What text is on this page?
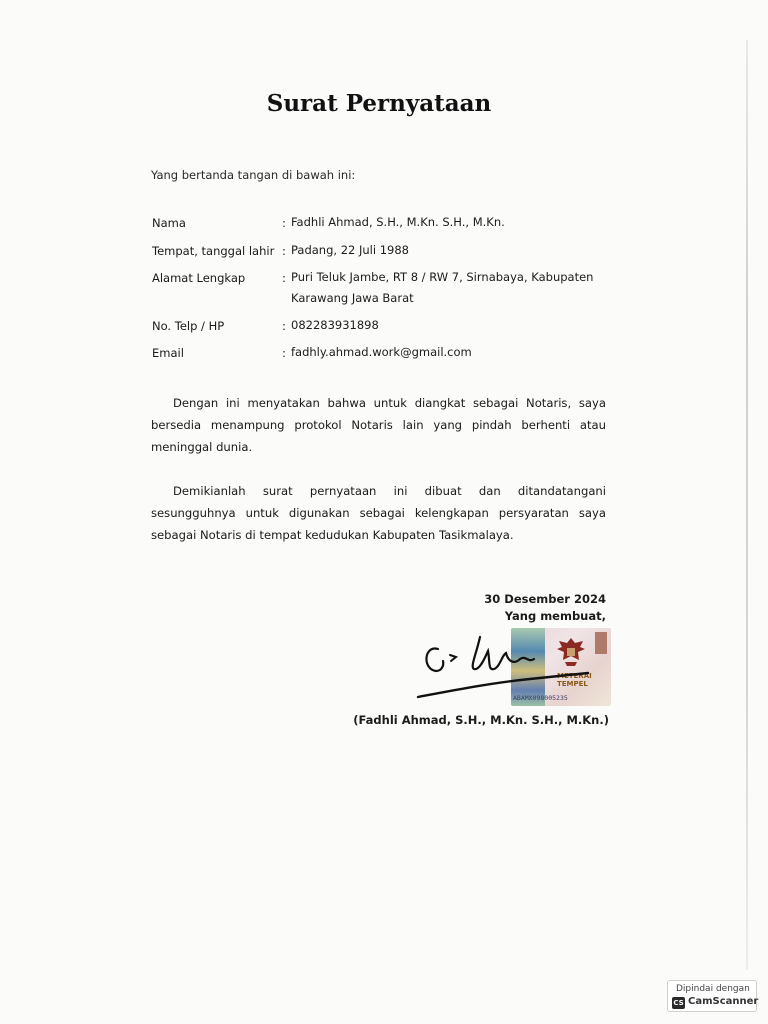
Surat Pernyataan
Yang bertanda tangan di bawah ini:
Nama	: Fadhli Ahmad, S.H., M.Kn. S.H., M.Kn.
Tempat, tanggal lahir : Padang, 22 Juli 1988
Alamat Lengkap	: Puri Teluk Jambe, RT 8 / RW 7, Sirnabaya, Kabupaten Karawang Jawa Barat
No. Telp / HP	: 082283931898
Email	: fadhly.ahmad.work@gmail.com
Dengan ini menyatakan bahwa untuk diangkat sebagai Notaris, saya bersedia menampung protokol Notaris lain yang pindah berhenti atau meninggal dunia.
Demikianlah surat pernyataan ini dibuat dan ditandatangani sesungguhnya untuk digunakan sebagai kelengkapan persyaratan saya sebagai Notaris di tempat kedudukan Kabupaten Tasikmalaya.
30 Desember 2024
Yang membuat,
METERAI
TEMPEL
ABAMX098005235
(Fadhli Ahmad, S.H., M.Kn. S.H., M.Kn.)
Dipindai dengan
CS CamScanner
